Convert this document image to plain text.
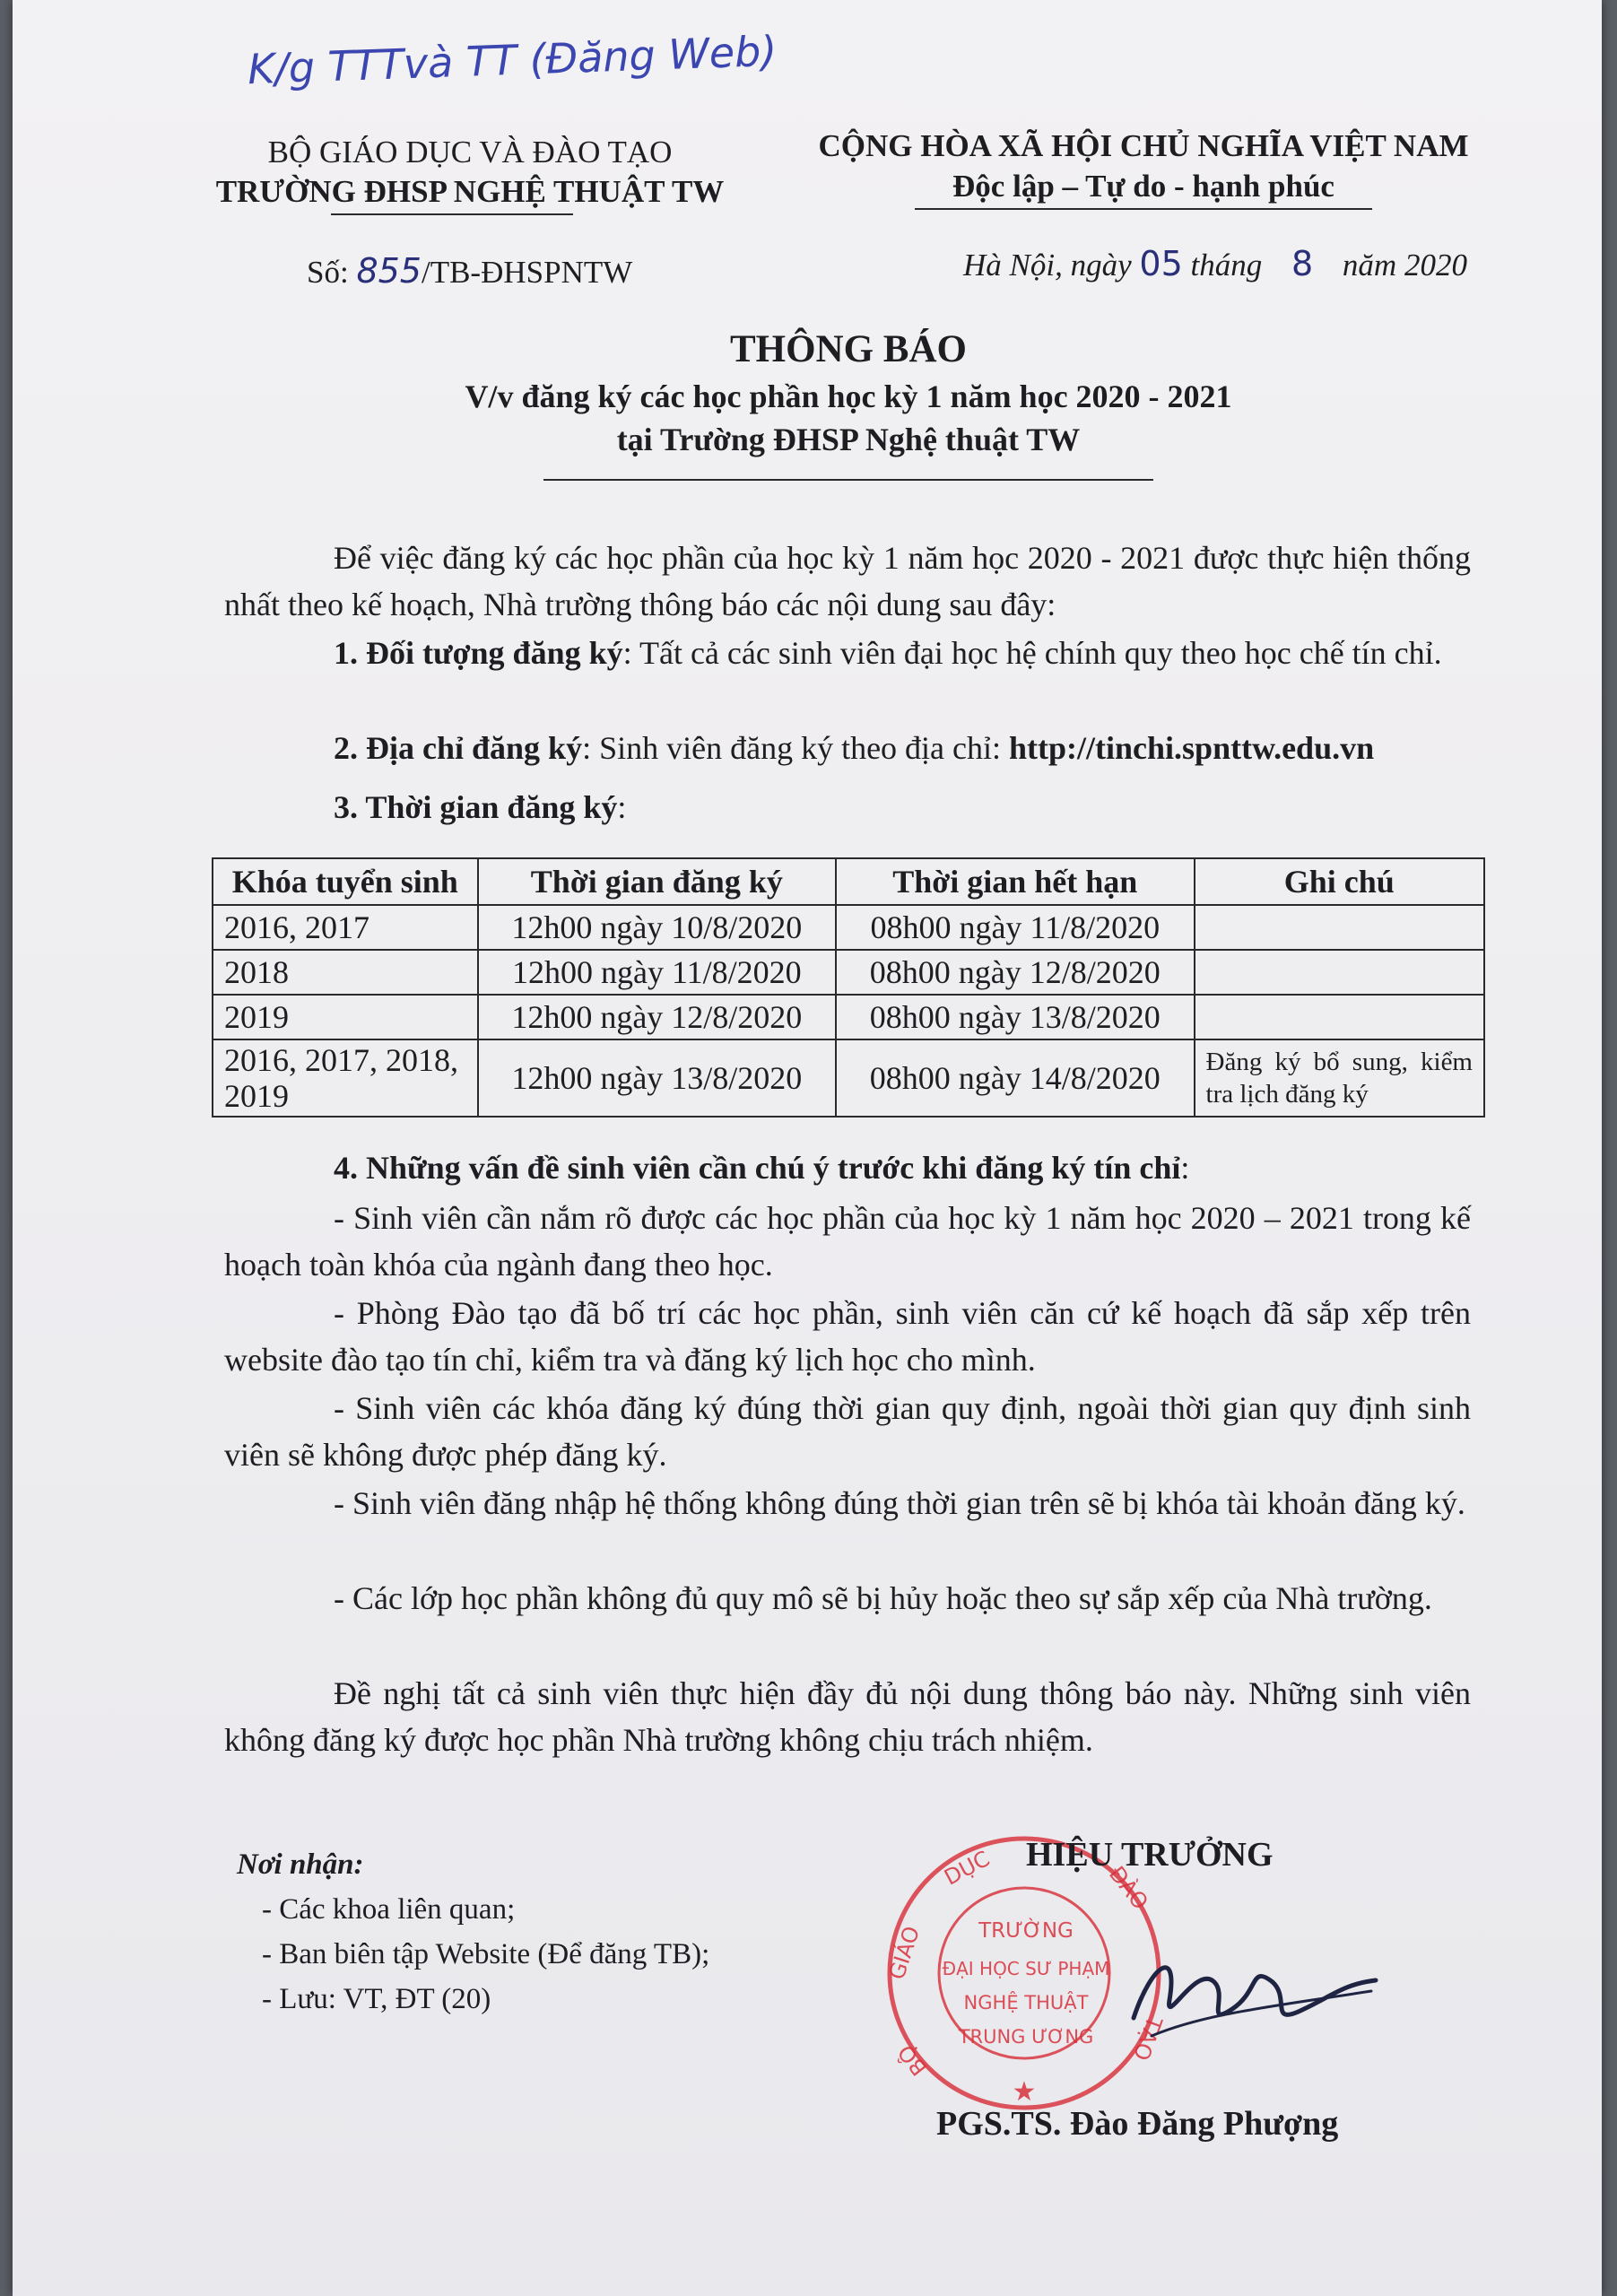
K/g TTTvà TT (Đăng Web)
BỘ GIÁO DỤC VÀ ĐÀO TẠO
TRƯỜNG ĐHSP NGHỆ THUẬT TW
CỘNG HÒA XÃ HỘI CHỦ NGHĨA VIỆT NAM
Độc lập – Tự do - hạnh phúc
Số: 855/TB-ĐHSPNTW	Hà Nội, ngày 05 tháng 8 năm 2020
THÔNG BÁO
V/v đăng ký các học phần học kỳ 1 năm học 2020 - 2021
tại Trường ĐHSP Nghệ thuật TW

Để việc đăng ký các học phần của học kỳ 1 năm học 2020 - 2021 được thực hiện thống nhất theo kế hoạch, Nhà trường thông báo các nội dung sau đây:

1. Đối tượng đăng ký: Tất cả các sinh viên đại học hệ chính quy theo học chế tín chỉ.

2. Địa chỉ đăng ký: Sinh viên đăng ký theo địa chỉ: http://tinchi.spnttw.edu.vn

3. Thời gian đăng ký:

Khóa tuyển sinh	Thời gian đăng ký	Thời gian hết hạn	Ghi chú
2016, 2017	12h00 ngày 10/8/2020	08h00 ngày 11/8/2020	
2018	12h00 ngày 11/8/2020	08h00 ngày 12/8/2020	
2019	12h00 ngày 12/8/2020	08h00 ngày 13/8/2020	
2016, 2017, 2018, 2019	12h00 ngày 13/8/2020	08h00 ngày 14/8/2020	Đăng ký bổ sung, kiểm tra lịch đăng ký

4. Những vấn đề sinh viên cần chú ý trước khi đăng ký tín chỉ:

- Sinh viên cần nắm rõ được các học phần của học kỳ 1 năm học 2020 – 2021 trong kế hoạch toàn khóa của ngành đang theo học.

- Phòng Đào tạo đã bố trí các học phần, sinh viên căn cứ kế hoạch đã sắp xếp trên website đào tạo tín chỉ, kiểm tra và đăng ký lịch học cho mình.

- Sinh viên các khóa đăng ký đúng thời gian quy định, ngoài thời gian quy định sinh viên sẽ không được phép đăng ký.

- Sinh viên đăng nhập hệ thống không đúng thời gian trên sẽ bị khóa tài khoản đăng ký.

- Các lớp học phần không đủ quy mô sẽ bị hủy hoặc theo sự sắp xếp của Nhà trường.

Đề nghị tất cả sinh viên thực hiện đầy đủ nội dung thông báo này. Những sinh viên không đăng ký được học phần Nhà trường không chịu trách nhiệm.

Nơi nhận:
- Các khoa liên quan;
- Ban biên tập Website (Để đăng TB);
- Lưu: VT, ĐT (20)
DỤC
GIÁO
ĐÀO
TẠO
BỘ
TRƯỜNG
ĐẠI HỌC SƯ PHẠM
NGHỆ THUẬT
TRUNG ƯƠNG
★
HIỆU TRƯỞNG
PGS.TS. Đào Đăng Phượng
